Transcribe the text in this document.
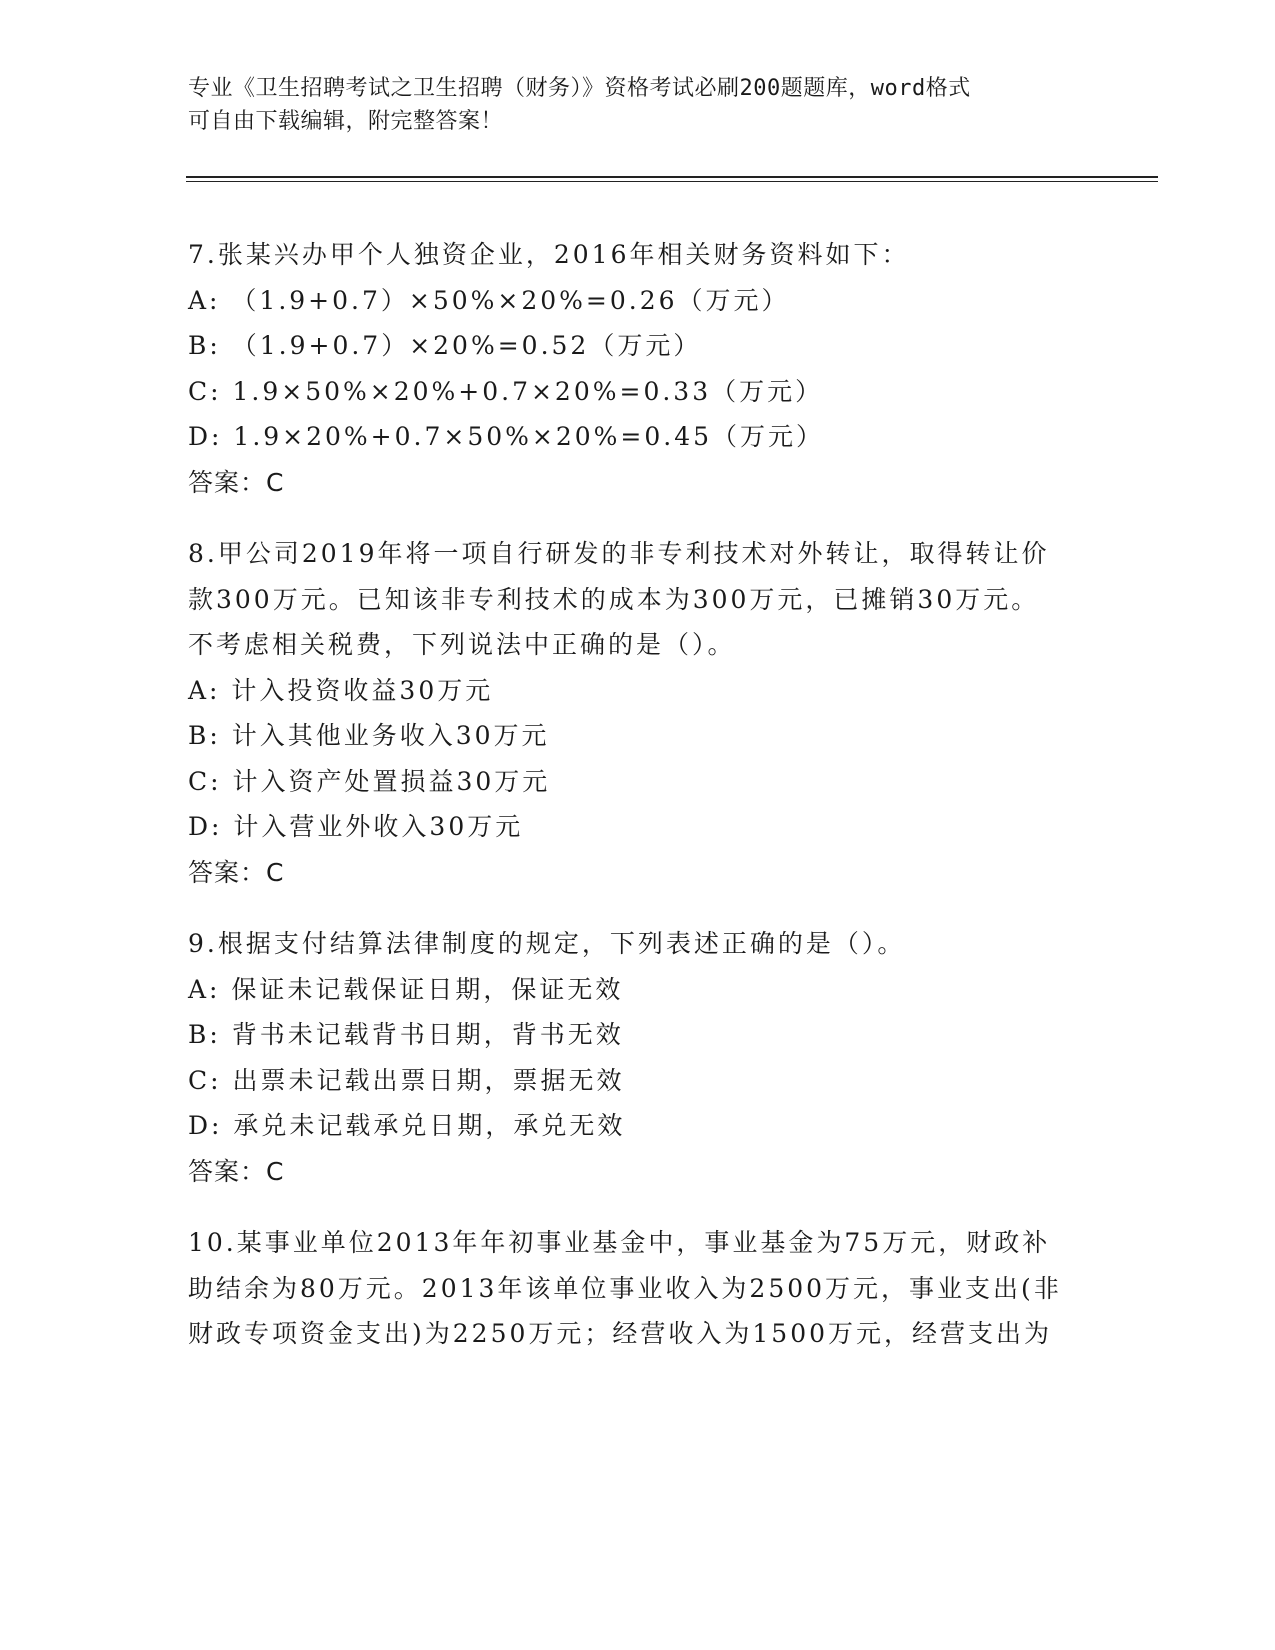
专业《卫生招聘考试之卫生招聘（财务）》资格考试必刷200题题库，word格式
可自由下载编辑，附完整答案！
7.张某兴办甲个人独资企业，2016年相关财务资料如下：
A: （1.9+0.7）×50%×20%=0.26（万元）
B: （1.9+0.7）×20%=0.52（万元）
C: 1.9×50%×20%+0.7×20%=0.33（万元）
D: 1.9×20%+0.7×50%×20%=0.45（万元）
答案：C
8.甲公司2019年将一项自行研发的非专利技术对外转让，取得转让价
款300万元。已知该非专利技术的成本为300万元，已摊销30万元。
不考虑相关税费，下列说法中正确的是（）。
A: 计入投资收益30万元
B: 计入其他业务收入30万元
C: 计入资产处置损益30万元
D: 计入营业外收入30万元
答案：C
9.根据支付结算法律制度的规定，下列表述正确的是（）。
A: 保证未记载保证日期，保证无效
B: 背书未记载背书日期，背书无效
C: 出票未记载出票日期，票据无效
D: 承兑未记载承兑日期，承兑无效
答案：C
10.某事业单位2013年年初事业基金中，事业基金为75万元，财政补
助结余为80万元。2013年该单位事业收入为2500万元，事业支出(非
财政专项资金支出)为2250万元；经营收入为1500万元，经营支出为
